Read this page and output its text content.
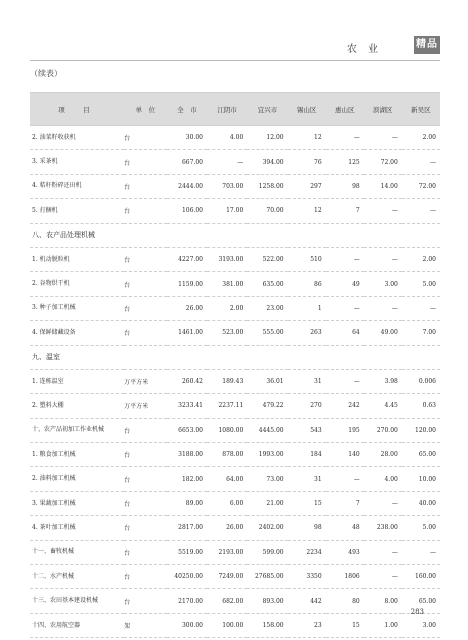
农 业	精品
（续表）
项　目	单　位	全　市	江阴市	宜兴市	锡山区	惠山区	滨湖区	新吴区
2. 油菜籽收获机	台	30.00	4.00	12.00	12	—	—	2.00
3. 采茶机	台	667.00	—	394.00	76	125	72.00	—
4. 秸秆粉碎还田机	台	2444.00	703.00	1258.00	297	98	14.00	72.00
5. 打捆机	台	106.00	17.00	70.00	12	7	—	—
八、农产品处理机械								
1. 机动脱粒机	台	4227.00	3193.00	522.00	510	—	—	2.00
2. 谷物烘干机	台	1159.00	381.00	635.00	86	49	3.00	5.00
3. 种子加工机械	台	26.00	2.00	23.00	1	—	—	—
4. 保鲜储藏设备	台	1461.00	523.00	555.00	263	64	49.00	7.00
九、温室								
1. 连栋温室	万平方米	260.42	189.43	36.01	31	—	3.98	0.006
2. 塑料大棚	万平方米	3233.41	2237.11	479.22	270	242	4.45	0.63
十、农产品初加工作业机械	台	6653.00	1080.00	4445.00	543	195	270.00	120.00
1. 粮食加工机械	台	3188.00	878.00	1993.00	184	140	28.00	65.00
2. 油料加工机械	台	182.00	64.00	73.00	31	—	4.00	10.00
3. 果蔬加工机械	台	89.00	6.00	21.00	15	7	—	40.00
4. 茶叶加工机械	台	2817.00	26.00	2402.00	98	48	238.00	5.00
十一、畜牧机械	台	5519.00	2193.00	599.00	2234	493	—	—
十二、水产机械	台	40250.00	7249.00	27685.00	3350	1806	—	160.00
十三、农田基本建设机械	台	2170.00	682.00	893.00	442	80	8.00	65.00
十四、农用航空器	架	300.00	100.00	158.00	23	15	1.00	3.00
283
